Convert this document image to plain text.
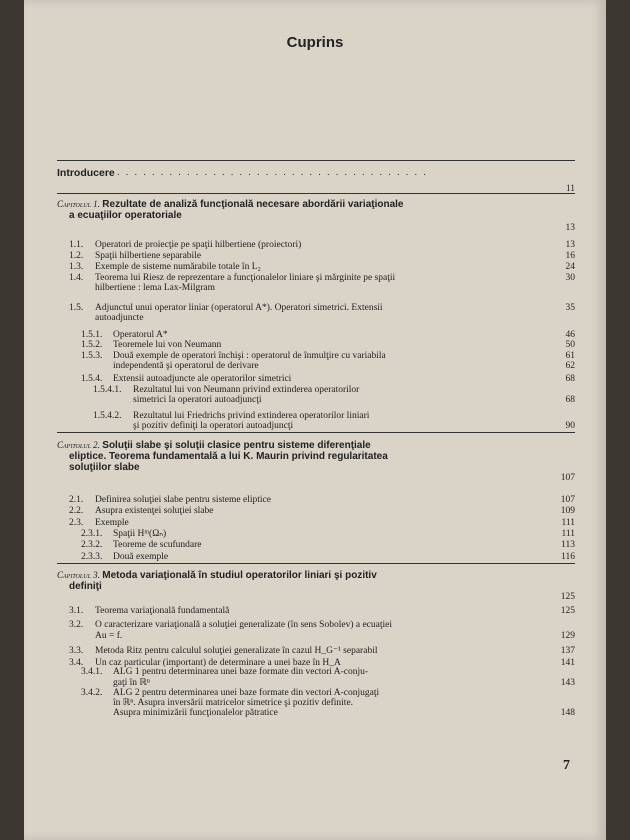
Cuprins
Introducere . . . . . . . . . . . . . . . . . . . . . . . . . . . . . . . . . . . .
11
Capitolul 1. Rezultate de analiză funcţională necesare abordării variaţionale
a ecuaţiilor operatoriale
13
1.1. Operatori de proiecţie pe spaţii hilbertiene (proiectori)	13
1.2. Spaţii hilbertiene separabile	16
1.3. Exemple de sisteme numărabile totale în L₂	24
1.4. Teorema lui Riesz de reprezentare a funcţionalelor liniare şi mărginite pe spaţii	30
hilbertiene : lema Lax-Milgram
1.5. Adjunctul unui operator liniar (operatorul A*). Operatori simetrici. Extensii	35
autoadjuncte
1.5.1. Operatorul A*	46
1.5.2. Teoremele lui von Neumann	50
1.5.3. Două exemple de operatori închişi : operatorul de înmulţire cu variabila	61
independentă şi operatorul de derivare	62
1.5.4. Extensii autoadjuncte ale operatorilor simetrici	68
1.5.4.1. Rezultatul lui von Neumann privind extinderea operatorilor
simetrici la operatori autoadjuncţi	68
1.5.4.2. Rezultatul lui Friedrichs privind extinderea operatorilor liniari
şi pozitiv definiţi la operatori autoadjuncţi	90
Capitolul 2. Soluţii slabe şi soluţii clasice pentru sisteme diferenţiale
eliptice. Teorema fundamentală a lui K. Maurin privind regularitatea
soluţiilor slabe
107
2.1. Definirea soluţiei slabe pentru sisteme eliptice	107
2.2. Asupra existenţei soluţiei slabe	109
2.3. Exemple	111
2.3.1. Spaţii Hᵐ(Ωₙ)	111
2.3.2. Teoreme de scufundare	113
2.3.3. Două exemple	116
Capitolul 3. Metoda variaţională în studiul operatorilor liniari şi pozitiv
definiţi
125
3.1. Teorema variaţională fundamentală	125
3.2. O caracterizare variaţională a soluţiei generalizate (în sens Sobolev) a ecuaţiei
Au = f.	129
3.3. Metoda Ritz pentru calculul soluţiei generalizate în cazul H_G⁻¹ separabil	137
3.4. Un caz particular (important) de determinare a unei baze în H_A	141
3.4.1. ALG 1 pentru determinarea unei baze formate din vectori A-conju-
gaţi în ℝⁿ	143
3.4.2. ALG 2 pentru determinarea unei baze formate din vectori A-conjugaţi
în ℝⁿ. Asupra inversării matricelor simetrice şi pozitiv definite.
Asupra minimizării funcţionalelor pătratice	148
7
